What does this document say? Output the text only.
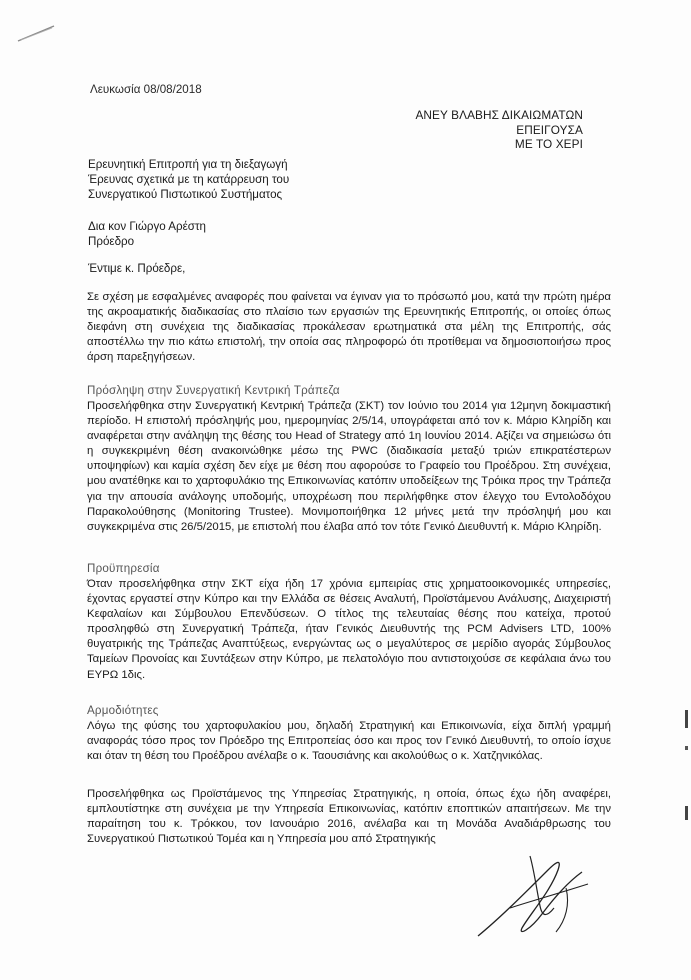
Λευκωσία 08/08/2018
ΑΝΕΥ ΒΛΑΒΗΣ ΔΙΚΑΙΩΜΑΤΩΝ
ΕΠΕΙΓΟΥΣΑ
ΜΕ ΤΟ ΧΕΡΙ
Ερευνητική Επιτροπή για τη διεξαγωγή
Έρευνας σχετικά με τη κατάρρευση του
Συνεργατικού Πιστωτικού Συστήματος
Δια κον Γιώργο Αρέστη
Πρόεδρο
Έντιμε κ. Πρόεδρε,

Σε σχέση με εσφαλμένες αναφορές που φαίνεται να έγιναν για το πρόσωπό μου, κατά την πρώτη ημέρα της ακροαματικής διαδικασίας στο πλαίσιο των εργασιών της Ερευνητικής Επιτροπής, οι οποίες όπως διεφάνη στη συνέχεια της διαδικασίας προκάλεσαν ερωτηματικά στα μέλη της Επιτροπής, σάς αποστέλλω την πιο κάτω επιστολή, την οποία σας πληροφορώ ότι προτίθεμαι να δημοσιοποιήσω προς άρση παρεξηγήσεων.

Πρόσληψη στην Συνεργατική Κεντρική Τράπεζα

Προσελήφθηκα στην Συνεργατική Κεντρική Τράπεζα (ΣΚΤ) τον Ιούνιο του 2014 για 12μηνη δοκιμαστική περίοδο. Η επιστολή πρόσληψής μου, ημερομηνίας 2/5/14, υπογράφεται από τον κ. Μάριο Κληρίδη και αναφέρεται στην ανάληψη της θέσης του Head of Strategy από 1η Ιουνίου 2014. Αξίζει να σημειώσω ότι η συγκεκριμένη θέση ανακοινώθηκε μέσω της PWC (διαδικασία μεταξύ τριών επικρατέστερων υποψηφίων) και καμία σχέση δεν είχε με θέση που αφορούσε το Γραφείο του Προέδρου. Στη συνέχεια, μου ανατέθηκε και το χαρτοφυλάκιο της Επικοινωνίας κατόπιν υποδείξεων της Τρόικα προς την Τράπεζα για την απουσία ανάλογης υποδομής, υποχρέωση που περιλήφθηκε στον έλεγχο του Εντολοδόχου Παρακολούθησης (Monitoring Trustee). Μονιμοποιήθηκα 12 μήνες μετά την πρόσληψή μου και συγκεκριμένα στις 26/5/2015, με επιστολή που έλαβα από τον τότε Γενικό Διευθυντή κ. Μάριο Κληρίδη.

Προϋπηρεσία

Όταν προσελήφθηκα στην ΣΚΤ είχα ήδη 17 χρόνια εμπειρίας στις χρηματοοικονομικές υπηρεσίες, έχοντας εργαστεί στην Κύπρο και την Ελλάδα σε θέσεις Αναλυτή, Προϊστάμενου Ανάλυσης, Διαχειριστή Κεφαλαίων και Σύμβουλου Επενδύσεων. Ο τίτλος της τελευταίας θέσης που κατείχα, προτού προσληφθώ στη Συνεργατική Τράπεζα, ήταν Γενικός Διευθυντής της PCM Advisers LTD, 100% θυγατρικής της Τράπεζας Αναπτύξεως, ενεργώντας ως ο μεγαλύτερος σε μερίδιο αγοράς Σύμβουλος Ταμείων Προνοίας και Συντάξεων στην Κύπρο, με πελατολόγιο που αντιστοιχούσε σε κεφάλαια άνω του ΕΥΡΩ 1δις.

Αρμοδιότητες

Λόγω της φύσης του χαρτοφυλακίου μου, δηλαδή Στρατηγική και Επικοινωνία, είχα διπλή γραμμή αναφοράς τόσο προς τον Πρόεδρο της Επιτροπείας όσο και προς τον Γενικό Διευθυντή, το οποίο ίσχυε και όταν τη θέση του Προέδρου ανέλαβε ο κ. Ταουσιάνης και ακολούθως ο κ. Χατζηνικόλας.

Προσελήφθηκα ως Προϊστάμενος της Υπηρεσίας Στρατηγικής, η οποία, όπως έχω ήδη αναφέρει, εμπλουτίστηκε στη συνέχεια με την Υπηρεσία Επικοινωνίας, κατόπιν εποπτικών απαιτήσεων. Με την παραίτηση του κ. Τρόκκου, τον Ιανουάριο 2016, ανέλαβα και τη Μονάδα Αναδιάρθρωσης του Συνεργατικού Πιστωτικού Τομέα και η Υπηρεσία μου από Στρατηγικής
